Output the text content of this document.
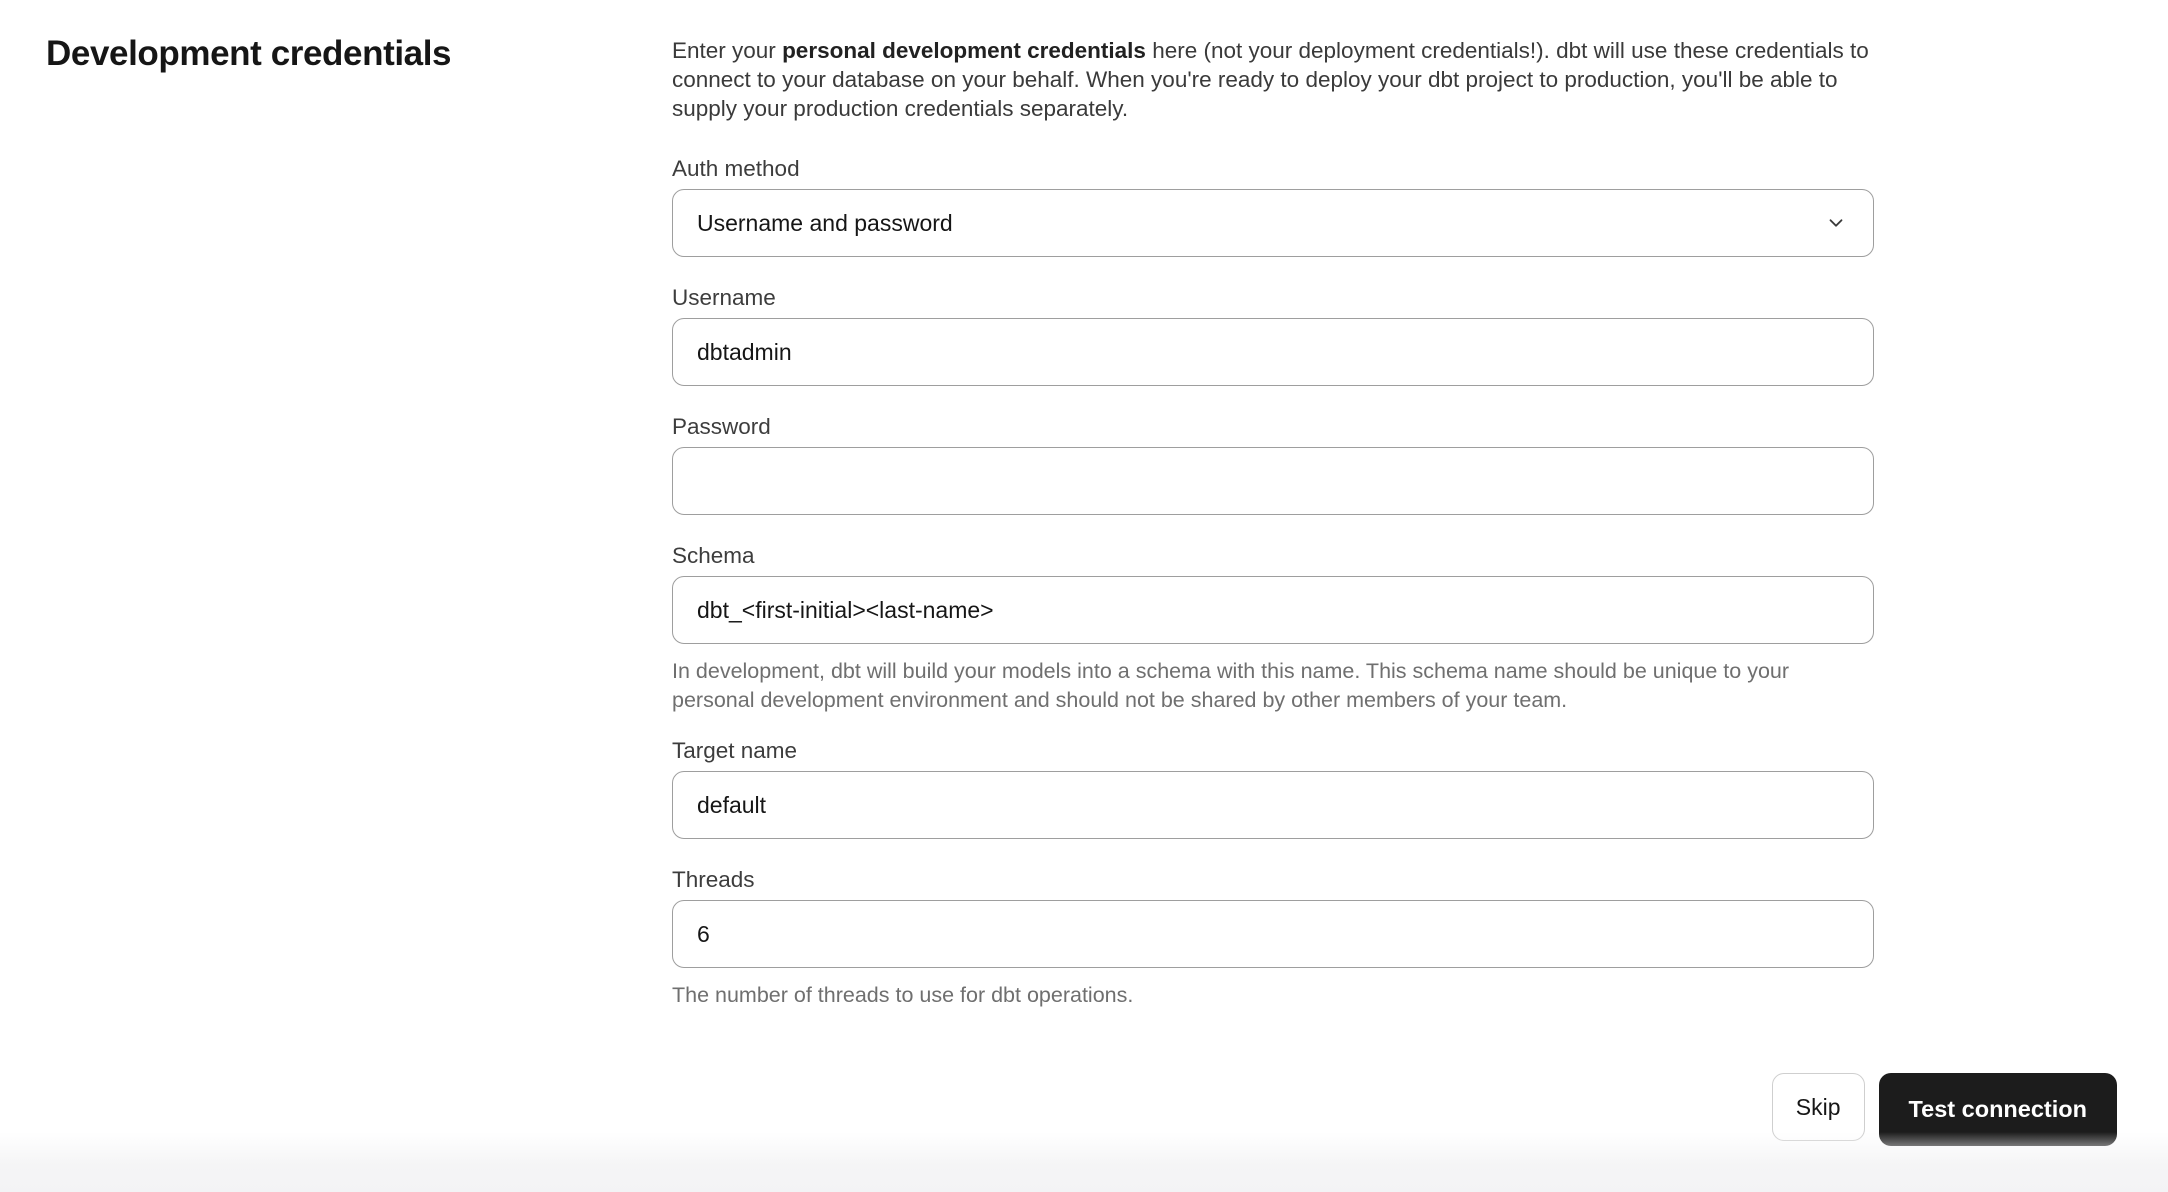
Development credentials	Enter your personal development credentials here (not your deployment credentials!). dbt will use these credentials to connect to your database on your behalf. When you're ready to deploy your dbt project to production, you'll be able to supply your production credentials separately.

Auth method
Username and password
Username
dbtadmin
Password
Schema
dbt_<first-initial><last-name>

In development, dbt will build your models into a schema with this name. This schema name should be unique to your personal development environment and should not be shared by other members of your team.

Target name
default
Threads
6

The number of threads to use for dbt operations.

Skip	Test connection
